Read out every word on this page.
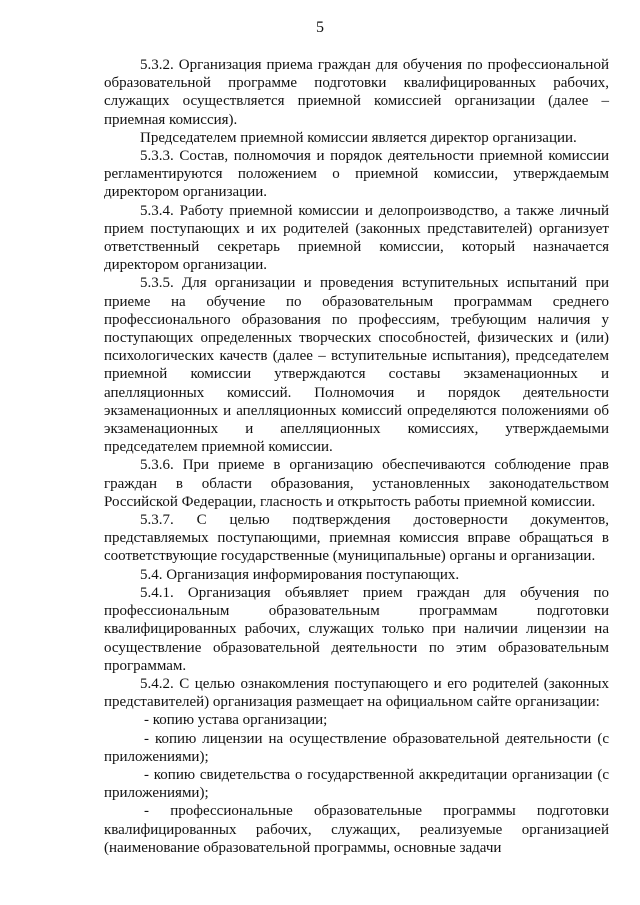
5

5.3.2. Организация приема граждан для обучения по профессиональной образовательной программе подготовки квалифицированных рабочих, служащих осуществляется приемной комиссией организации (далее – приемная комиссия).

Председателем приемной комиссии является директор организации.

5.3.3. Состав, полномочия и порядок деятельности приемной комиссии регламентируются положением о приемной комиссии, утверждаемым директором организации.

5.3.4. Работу приемной комиссии и делопроизводство, а также личный прием поступающих и их родителей (законных представителей) организует ответственный секретарь приемной комиссии, который назначается директором организации.

5.3.5. Для организации и проведения вступительных испытаний при приеме на обучение по образовательным программам среднего профессионального образования по профессиям, требующим наличия у поступающих определенных творческих способностей, физических и (или) психологических качеств (далее – вступительные испытания), председателем приемной комиссии утверждаются составы экзаменационных и апелляционных комиссий. Полномочия и порядок деятельности экзаменационных и апелляционных комиссий определяются положениями об экзаменационных и апелляционных комиссиях, утверждаемыми председателем приемной комиссии.

5.3.6. При приеме в организацию обеспечиваются соблюдение прав граждан в области образования, установленных законодательством Российской Федерации, гласность и открытость работы приемной комиссии.

5.3.7. С целью подтверждения достоверности документов, представляемых поступающими, приемная комиссия вправе обращаться в соответствующие государственные (муниципальные) органы и организации.

5.4. Организация информирования поступающих.

5.4.1. Организация объявляет прием граждан для обучения по профессиональным образовательным программам подготовки квалифицированных рабочих, служащих только при наличии лицензии на осуществление образовательной деятельности по этим образовательным программам.

5.4.2. С целью ознакомления поступающего и его родителей (законных представителей) организация размещает на официальном сайте организации:

- копию устава организации;

- копию лицензии на осуществление образовательной деятельности (с приложениями);

- копию свидетельства о государственной аккредитации организации (с приложениями);

- профессиональные образовательные программы подготовки квалифицированных рабочих, служащих, реализуемые организацией (наименование образовательной программы, основные задачи
